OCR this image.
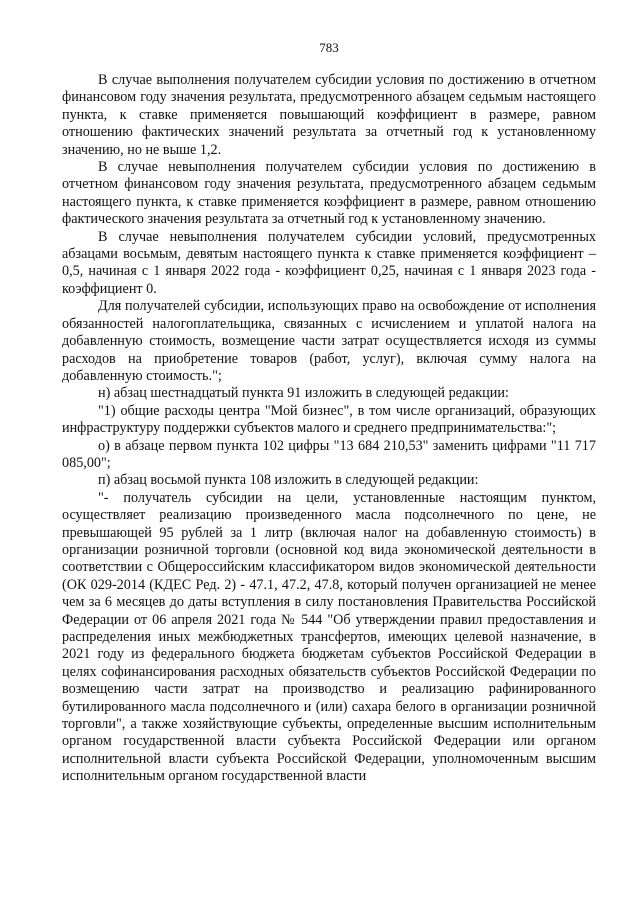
783

В случае выполнения получателем субсидии условия по достижению в отчетном финансовом году значения результата, предусмотренного абзацем седьмым настоящего пункта, к ставке применяется повышающий коэффициент в размере, равном отношению фактических значений результата за отчетный год к установленному значению, но не выше 1,2.

В случае невыполнения получателем субсидии условия по достижению в отчетном финансовом году значения результата, предусмотренного абзацем седьмым настоящего пункта, к ставке применяется коэффициент в размере, равном отношению фактического значения результата за отчетный год к установленному значению.

В случае невыполнения получателем субсидии условий, предусмотренных абзацами восьмым, девятым настоящего пункта к ставке применяется коэффициент – 0,5, начиная с 1 января 2022 года - коэффициент 0,25, начиная с 1 января 2023 года - коэффициент 0.

Для получателей субсидии, использующих право на освобождение от исполнения обязанностей налогоплательщика, связанных с исчислением и уплатой налога на добавленную стоимость, возмещение части затрат осуществляется исходя из суммы расходов на приобретение товаров (работ, услуг), включая сумму налога на добавленную стоимость.";

н) абзац шестнадцатый пункта 91 изложить в следующей редакции:

"1) общие расходы центра "Мой бизнес", в том числе организаций, образующих инфраструктуру поддержки субъектов малого и среднего предпринимательства:";

о) в абзаце первом пункта 102 цифры "13 684 210,53" заменить цифрами "11 717 085,00";

п) абзац восьмой пункта 108 изложить в следующей редакции:

"- получатель субсидии на цели, установленные настоящим пунктом, осуществляет реализацию произведенного масла подсолнечного по цене, не превышающей 95 рублей за 1 литр (включая налог на добавленную стоимость) в организации розничной торговли (основной код вида экономической деятельности в соответствии с Общероссийским классификатором видов экономической деятельности (ОК 029-2014 (КДЕС Ред. 2) - 47.1, 47.2, 47.8, который получен организацией не менее чем за 6 месяцев до даты вступления в силу постановления Правительства Российской Федерации от 06 апреля 2021 года № 544 "Об утверждении правил предоставления и распределения иных межбюджетных трансфертов, имеющих целевой назначение, в 2021 году из федерального бюджета бюджетам субъектов Российской Федерации в целях софинансирования расходных обязательств субъектов Российской Федерации по возмещению части затрат на производство и реализацию рафинированного бутилированного масла подсолнечного и (или) сахара белого в организации розничной торговли", а также хозяйствующие субъекты, определенные высшим исполнительным органом государственной власти субъекта Российской Федерации или органом исполнительной власти субъекта Российской Федерации, уполномоченным высшим исполнительным органом государственной власти
